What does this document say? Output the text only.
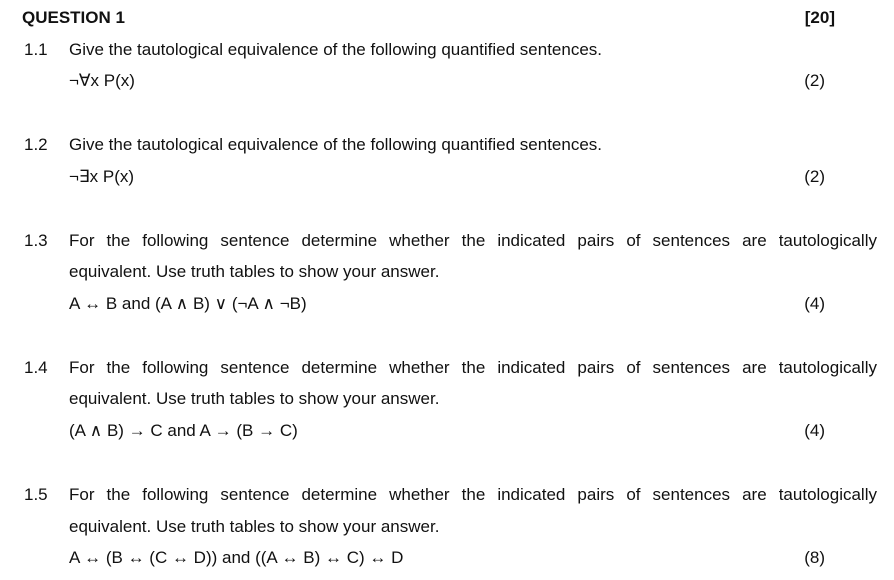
QUESTION 1	[20]
1.1 Give the tautological equivalence of the following quantified sentences.
¬∀x P(x)	(2)
1.2 Give the tautological equivalence of the following quantified sentences.
¬∃x P(x)	(2)
1.3 For the following sentence determine whether the indicated pairs of sentences are tautologically
equivalent. Use truth tables to show your answer.
A ↔ B and (A ∧ B) ∨ (¬A ∧ ¬B)	(4)
1.4 For the following sentence determine whether the indicated pairs of sentences are tautologically
equivalent. Use truth tables to show your answer.
(A ∧ B) → C and A → (B → C)	(4)
1.5 For the following sentence determine whether the indicated pairs of sentences are tautologically
equivalent. Use truth tables to show your answer.
A ↔ (B ↔ (C ↔ D)) and ((A ↔ B) ↔ C) ↔ D	(8)
